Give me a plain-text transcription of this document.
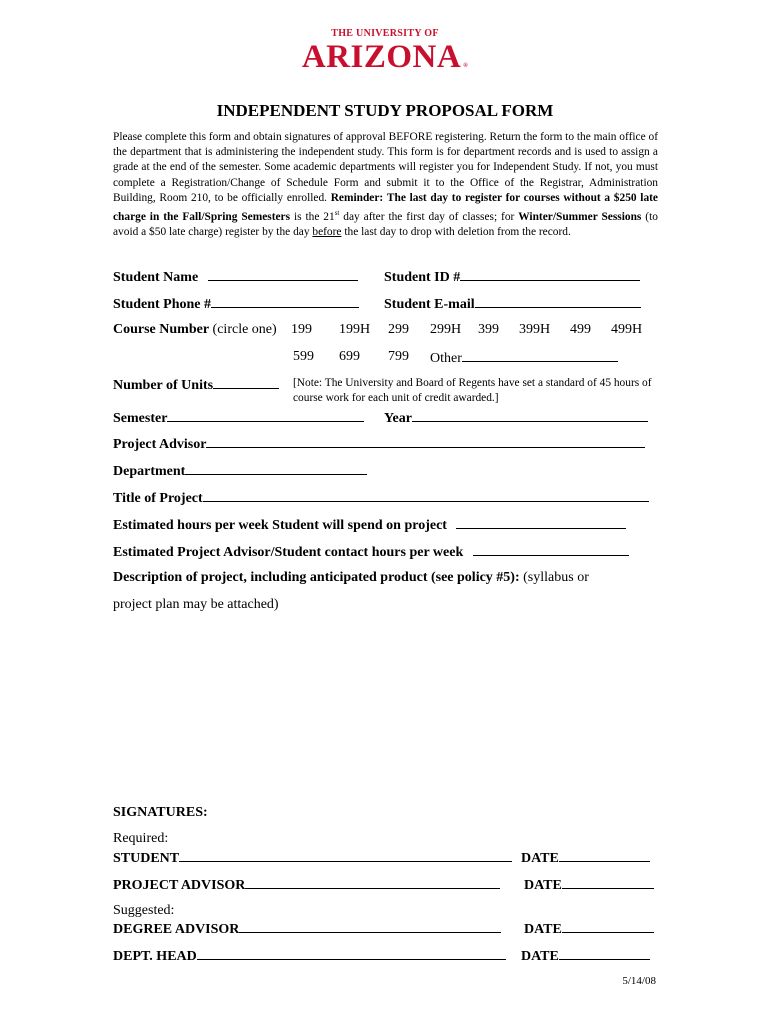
THE UNIVERSITY OF
ARIZONA ®
INDEPENDENT STUDY PROPOSAL FORM
Please complete this form and obtain signatures of approval BEFORE registering. Return the form to the main office of the department that is administering the independent study. This form is for department records and is used to assign a grade at the end of the semester. Some academic departments will register you for Independent Study. If not, you must complete a Registration/Change of Schedule Form and submit it to the Office of the Registrar, Administration Building, Room 210, to be officially enrolled. Reminder: The last day to register for courses without a $250 late charge in the Fall/Spring Semesters is the 21st day after the first day of classes; for Winter/Summer Sessions (to avoid a $50 late charge) register by the day before the last day to drop with deletion from the record.
Student Name	Student ID #
Student Phone #	Student E-mail
Course Number (circle one) 199 199H 299 299H 399 399H 499 499H
599 699 799 Other
Number of Units	[Note: The University and Board of Regents have set a standard of 45 hours of course work for each unit of credit awarded.]
Semester	Year
Project Advisor
Department
Title of Project
Estimated hours per week Student will spend on project
Estimated Project Advisor/Student contact hours per week
Description of project, including anticipated product (see policy #5): (syllabus or
project plan may be attached)
SIGNATURES:
Required:
STUDENT	DATE
PROJECT ADVISOR	DATE
Suggested:
DEGREE ADVISOR	DATE
DEPT. HEAD	DATE
5/14/08
